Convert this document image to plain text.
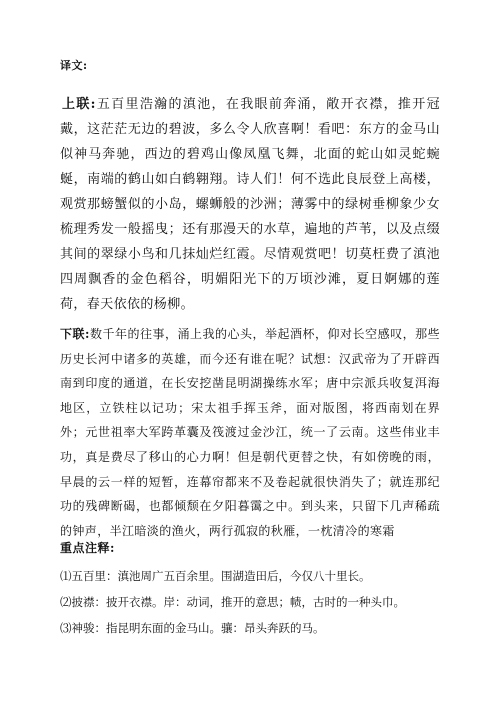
译文:
上联:五百里浩瀚的滇池，在我眼前奔涌，敞开衣襟，推开冠戴，这茫茫无边的碧波，多么令人欣喜啊！看吧：东方的金马山似神马奔驰，西边的碧鸡山像凤凰飞舞，北面的蛇山如灵蛇蜿蜒，南端的鹤山如白鹤翱翔。诗人们！何不选此良辰登上高楼，观赏那螃蟹似的小岛，螺蛳般的沙洲；薄雾中的绿树垂柳象少女梳理秀发一般摇曳；还有那漫天的水草，遍地的芦苇，以及点缀其间的翠绿小鸟和几抹灿烂红霞。尽情观赏吧！切莫枉费了滇池四周飘香的金色稻谷，明媚阳光下的万顷沙滩，夏日婀娜的莲荷，春天依依的杨柳。
下联:数千年的往事，涌上我的心头，举起酒杯，仰对长空感叹，那些历史长河中诸多的英雄，而今还有谁在呢？试想：汉武帝为了开辟西南到印度的通道，在长安挖凿昆明湖操练水军；唐中宗派兵收复洱海地区，立铁柱以记功；宋太祖手挥玉斧，面对版图，将西南划在界外；元世祖率大军跨革囊及筏渡过金沙江，统一了云南。这些伟业丰功，真是费尽了移山的心力啊！但是朝代更替之快，有如傍晚的雨，早晨的云一样的短暂，连幕帘都来不及卷起就很快消失了；就连那纪功的残碑断碣，也都倾颓在夕阳暮霭之中。到头来，只留下几声稀疏的钟声，半江暗淡的渔火，两行孤寂的秋雁，一枕清冷的寒霜
重点注释:
⑴五百里：滇池周广五百余里。围湖造田后，今仅八十里长。
⑵披襟：披开衣襟。岸：动词，推开的意思；帻，古时的一种头巾。
⑶神骏：指昆明东面的金马山。骧：昂头奔跃的马。
